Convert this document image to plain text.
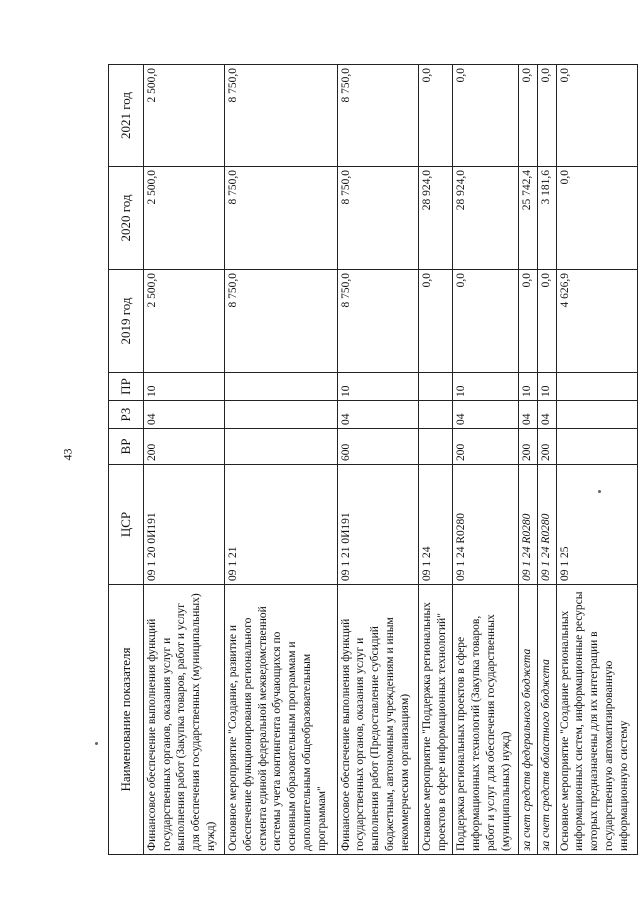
43
Наименование показателя	ЦСР	ВР	РЗ	ПР	2019 год	2020 год	2021 год
Финансовое обеспечение выполнения функций государственных органов, оказания услуг и выполнения работ (Закупка товаров, работ и услуг для обеспечения государственных (муниципальных) нужд)	09 1 20 0И191	200	04	10	2 500,0	2 500,0	2 500,0
Основное мероприятие "Создание, развитие и обеспечение функционирования регионального сегмента единой федеральной межведомственной системы учета контингента обучающихся по основным образовательным программам и дополнительным общеобразовательным программам"	09 1 21				8 750,0	8 750,0	8 750,0
Финансовое обеспечение выполнения функций государственных органов, оказания услуг и выполнения работ (Предоставление субсидий бюджетным, автономным учреждениям и иным некоммерческим организациям)	09 1 21 0И191	600	04	10	8 750,0	8 750,0	8 750,0
Основное мероприятие "Поддержка региональных проектов в сфере информационных технологий"	09 1 24				0,0	28 924,0	0,0
Поддержка региональных проектов в сфере информационных технологий (Закупка товаров, работ и услуг для обеспечения государственных (муниципальных) нужд)	09 1 24 R0280	200	04	10	0,0	28 924,0	0,0
за счет средств федерального бюджета	09 1 24 R0280	200	04	10	0,0	25 742,4	0,0
за счет средств областного бюджета	09 1 24 R0280	200	04	10	0,0	3 181,6	0,0
Основное мероприятие "Создание региональных информационных систем, информационные ресурсы которых предназначены для их интеграции в государственную автоматизированную информационную систему	09 1 25				4 626,9	0,0	0,0
